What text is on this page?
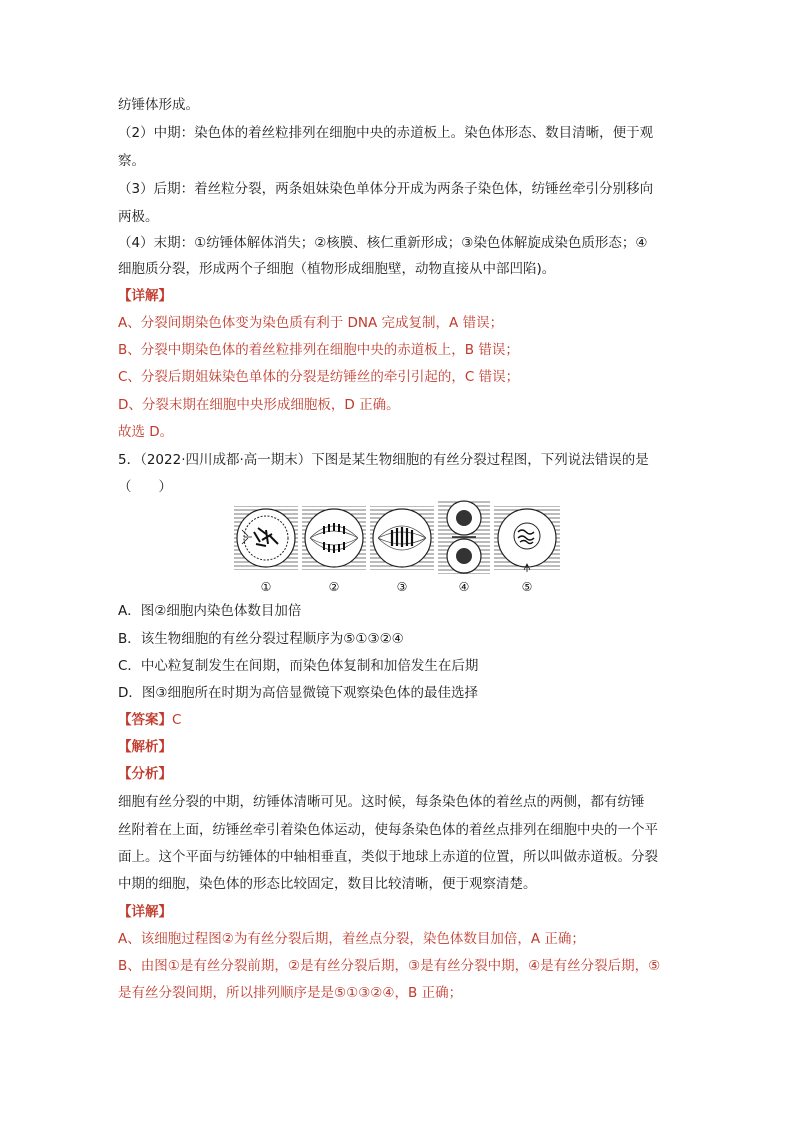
纺锤体形成。
（2）中期：染色体的着丝粒排列在细胞中央的赤道板上。染色体形态、数目清晰，便于观
察。
（3）后期：着丝粒分裂，两条姐妹染色单体分开成为两条子染色体，纺锤丝牵引分别移向
两极。
（4）末期：①纺锤体解体消失；②核膜、核仁重新形成；③染色体解旋成染色质形态；④
细胞质分裂，形成两个子细胞（植物形成细胞壁，动物直接从中部凹陷)。
【详解】
A、分裂间期染色体变为染色质有利于 DNA 完成复制，A 错误；
B、分裂中期染色体的着丝粒排列在细胞中央的赤道板上，B 错误；
C、分裂后期姐妹染色单体的分裂是纺锤丝的牵引引起的，C 错误；
D、分裂末期在细胞中央形成细胞板，D 正确。
故选 D。
5．（2022·四川成都·高一期末）下图是某生物细胞的有丝分裂过程图，下列说法错误的是
（　　）
①	②	③	④	⑤
A．图②细胞内染色体数目加倍
B．该生物细胞的有丝分裂过程顺序为⑤①③②④
C．中心粒复制发生在间期，而染色体复制和加倍发生在后期
D．图③细胞所在时期为高倍显微镜下观察染色体的最佳选择
【答案】C
【解析】
【分析】
细胞有丝分裂的中期，纺锤体清晰可见。这时候，每条染色体的着丝点的两侧，都有纺锤
丝附着在上面，纺锤丝牵引着染色体运动，使每条染色体的着丝点排列在细胞中央的一个平
面上。这个平面与纺锤体的中轴相垂直，类似于地球上赤道的位置，所以叫做赤道板。分裂
中期的细胞，染色体的形态比较固定，数目比较清晰，便于观察清楚。
【详解】
A、该细胞过程图②为有丝分裂后期，着丝点分裂，染色体数目加倍，A 正确；
B、由图①是有丝分裂前期，②是有丝分裂后期，③是有丝分裂中期，④是有丝分裂后期，⑤
是有丝分裂间期，所以排列顺序是是⑤①③②④，B 正确；
